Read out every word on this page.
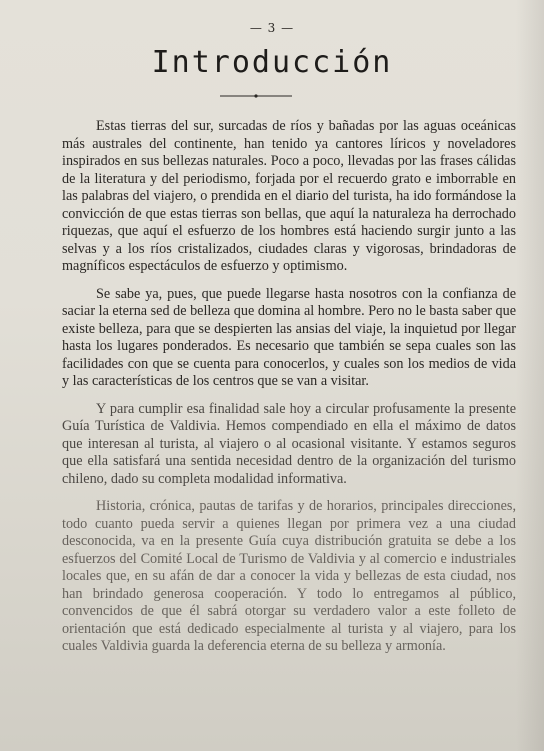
— 3 —
Introducción

Estas tierras del sur, surcadas de ríos y bañadas por las aguas oceánicas más australes del continente, han tenido ya cantores líricos y noveladores inspirados en sus bellezas naturales. Poco a poco, llevadas por las frases cálidas de la literatura y del periodismo, forjada por el recuerdo grato e imborrable en las palabras del viajero, o prendida en el diario del turista, ha ido formándose la convicción de que estas tierras son bellas, que aquí la naturaleza ha derrochado riquezas, que aquí el esfuerzo de los hombres está haciendo surgir junto a las selvas y a los ríos cristalizados, ciudades claras y vigorosas, brindadoras de magníficos espectáculos de esfuerzo y optimismo.

Se sabe ya, pues, que puede llegarse hasta nosotros con la confianza de saciar la eterna sed de belleza que domina al hombre. Pero no le basta saber que existe belleza, para que se despierten las ansias del viaje, la inquietud por llegar hasta los lugares ponderados. Es necesario que también se sepa cuales son las facilidades con que se cuenta para conocerlos, y cuales son los medios de vida y las características de los centros que se van a visitar.

Y para cumplir esa finalidad sale hoy a circular profusamente la presente Guía Turística de Valdivia. Hemos compendiado en ella el máximo de datos que interesan al turista, al viajero o al ocasional visitante. Y estamos seguros que ella satisfará una sentida necesidad dentro de la organización del turismo chileno, dado su completa modalidad informativa.

Historia, crónica, pautas de tarifas y de horarios, principales direcciones, todo cuanto pueda servir a quienes llegan por primera vez a una ciudad desconocida, va en la presente Guía cuya distribución gratuita se debe a los esfuerzos del Comité Local de Turismo de Valdivia y al comercio e industriales locales que, en su afán de dar a conocer la vida y bellezas de esta ciudad, nos han brindado generosa cooperación. Y todo lo entregamos al público, convencidos de que él sabrá otorgar su verdadero valor a este folleto de orientación que está dedicado especialmente al turista y al viajero, para los cuales Valdivia guarda la deferencia eterna de su belleza y armonía.
